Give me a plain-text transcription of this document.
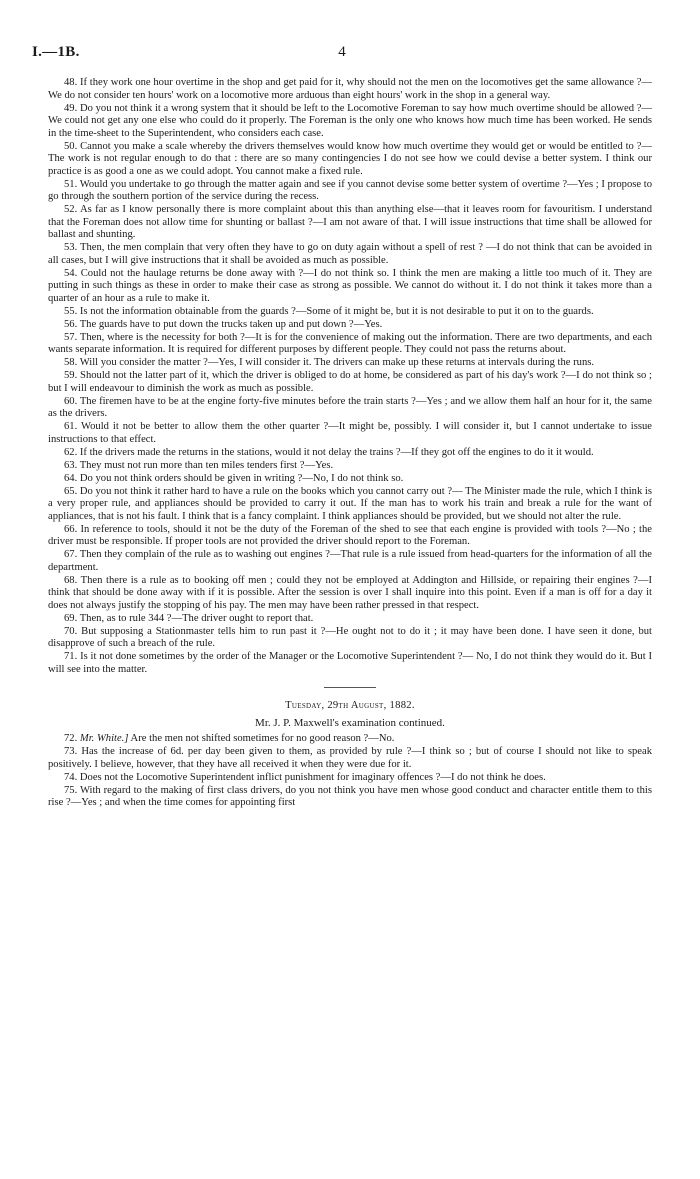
I.—1B.	4

48. If they work one hour overtime in the shop and get paid for it, why should not the men on the locomotives get the same allowance ?—We do not consider ten hours' work on a locomotive more arduous than eight hours' work in the shop in a general way.

49. Do you not think it a wrong system that it should be left to the Locomotive Foreman to say how much overtime should be allowed ?—We could not get any one else who could do it properly. The Foreman is the only one who knows how much time has been worked. He sends in the time-sheet to the Superintendent, who considers each case.

50. Cannot you make a scale whereby the drivers themselves would know how much overtime they would get or would be entitled to ?—The work is not regular enough to do that : there are so many contingencies I do not see how we could devise a better system. I think our practice is as good a one as we could adopt. You cannot make a fixed rule.

51. Would you undertake to go through the matter again and see if you cannot devise some better system of overtime ?—Yes ; I propose to go through the southern portion of the service during the recess.

52. As far as I know personally there is more complaint about this than anything else—that it leaves room for favouritism. I understand that the Foreman does not allow time for shunting or ballast ?—I am not aware of that. I will issue instructions that time shall be allowed for ballast and shunting.

53. Then, the men complain that very often they have to go on duty again without a spell of rest ? —I do not think that can be avoided in all cases, but I will give instructions that it shall be avoided as much as possible.

54. Could not the haulage returns be done away with ?—I do not think so. I think the men are making a little too much of it. They are putting in such things as these in order to make their case as strong as possible. We cannot do without it. I do not think it takes more than a quarter of an hour as a rule to make it.

55. Is not the information obtainable from the guards ?—Some of it might be, but it is not desirable to put it on to the guards.

56. The guards have to put down the trucks taken up and put down ?—Yes.

57. Then, where is the necessity for both ?—It is for the convenience of making out the information. There are two departments, and each wants separate information. It is required for different purposes by different people. They could not pass the returns about.

58. Will you consider the matter ?—Yes, I will consider it. The drivers can make up these returns at intervals during the runs.

59. Should not the latter part of it, which the driver is obliged to do at home, be considered as part of his day's work ?—I do not think so ; but I will endeavour to diminish the work as much as possible.

60. The firemen have to be at the engine forty-five minutes before the train starts ?—Yes ; and we allow them half an hour for it, the same as the drivers.

61. Would it not be better to allow them the other quarter ?—It might be, possibly. I will consider it, but I cannot undertake to issue instructions to that effect.

62. If the drivers made the returns in the stations, would it not delay the trains ?—If they got off the engines to do it it would.

63. They must not run more than ten miles tenders first ?—Yes.

64. Do you not think orders should be given in writing ?—No, I do not think so.

65. Do you not think it rather hard to have a rule on the books which you cannot carry out ?— The Minister made the rule, which I think is a very proper rule, and appliances should be provided to carry it out. If the man has to work his train and break a rule for the want of appliances, that is not his fault. I think that is a fancy complaint. I think appliances should be provided, but we should not alter the rule.

66. In reference to tools, should it not be the duty of the Foreman of the shed to see that each engine is provided with tools ?—No ; the driver must be responsible. If proper tools are not provided the driver should report to the Foreman.

67. Then they complain of the rule as to washing out engines ?—That rule is a rule issued from head-quarters for the information of all the department.

68. Then there is a rule as to booking off men ; could they not be employed at Addington and Hillside, or repairing their engines ?—I think that should be done away with if it is possible. After the session is over I shall inquire into this point. Even if a man is off for a day it does not always justify the stopping of his pay. The men may have been rather pressed in that respect.

69. Then, as to rule 344 ?—The driver ought to report that.

70. But supposing a Stationmaster tells him to run past it ?—He ought not to do it ; it may have been done. I have seen it done, but disapprove of such a breach of the rule.

71. Is it not done sometimes by the order of the Manager or the Locomotive Superintendent ?— No, I do not think they would do it. But I will see into the matter.

Tuesday, 29th August, 1882.
Mr. J. P. Maxwell's examination continued.

72. Mr. White.] Are the men not shifted sometimes for no good reason ?—No.

73. Has the increase of 6d. per day been given to them, as provided by rule ?—I think so ; but of course I should not like to speak positively. I believe, however, that they have all received it when they were due for it.

74. Does not the Locomotive Superintendent inflict punishment for imaginary offences ?—I do not think he does.

75. With regard to the making of first class drivers, do you not think you have men whose good conduct and character entitle them to this rise ?—Yes ; and when the time comes for appointing first
